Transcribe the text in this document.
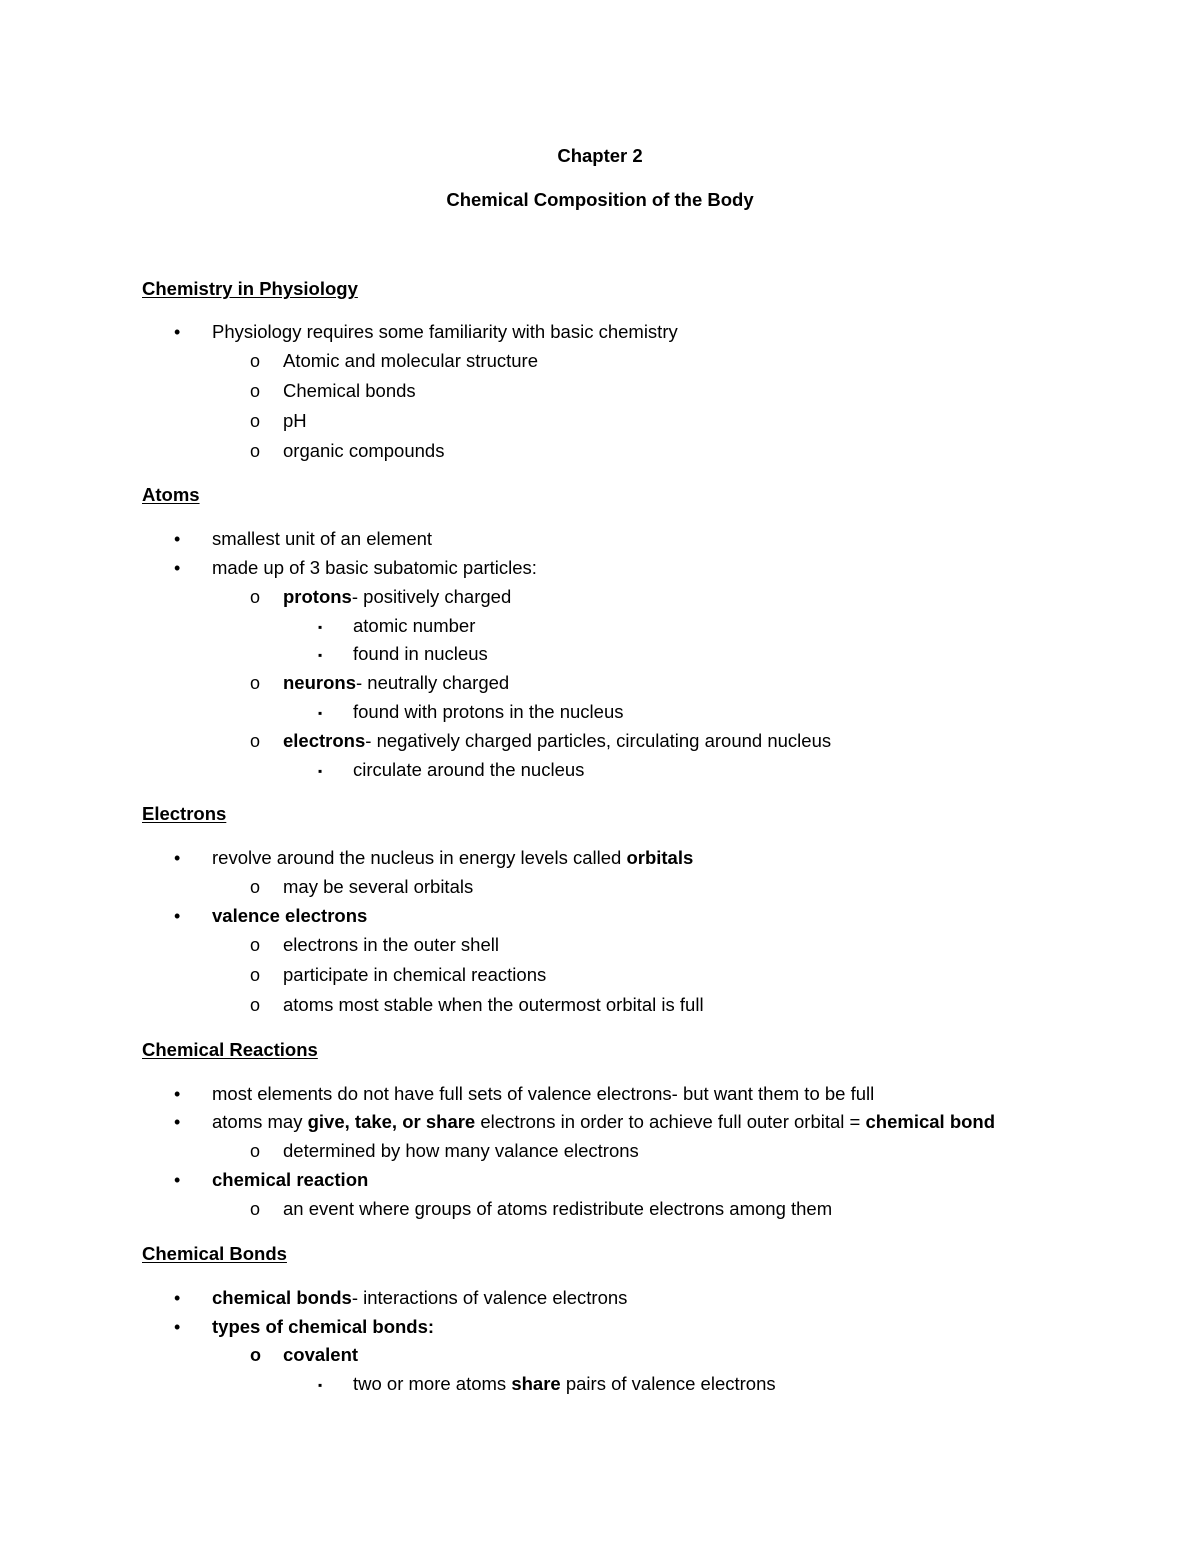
Chapter 2
Chemical Composition of the Body
Chemistry in Physiology
• Physiology requires some familiarity with basic chemistry
o Atomic and molecular structure
o Chemical bonds
o pH
o organic compounds
Atoms
• smallest unit of an element
• made up of 3 basic subatomic particles:
o protons- positively charged
▪ atomic number
▪ found in nucleus
o neurons- neutrally charged
▪ found with protons in the nucleus
o electrons- negatively charged particles, circulating around nucleus
▪ circulate around the nucleus
Electrons
• revolve around the nucleus in energy levels called orbitals
o may be several orbitals
• valence electrons
o electrons in the outer shell
o participate in chemical reactions
o atoms most stable when the outermost orbital is full
Chemical Reactions
• most elements do not have full sets of valence electrons- but want them to be full
• atoms may give, take, or share electrons in order to achieve full outer orbital = chemical bond
o determined by how many valance electrons
• chemical reaction
o an event where groups of atoms redistribute electrons among them
Chemical Bonds
• chemical bonds- interactions of valence electrons
• types of chemical bonds:
o covalent
▪ two or more atoms share pairs of valence electrons
